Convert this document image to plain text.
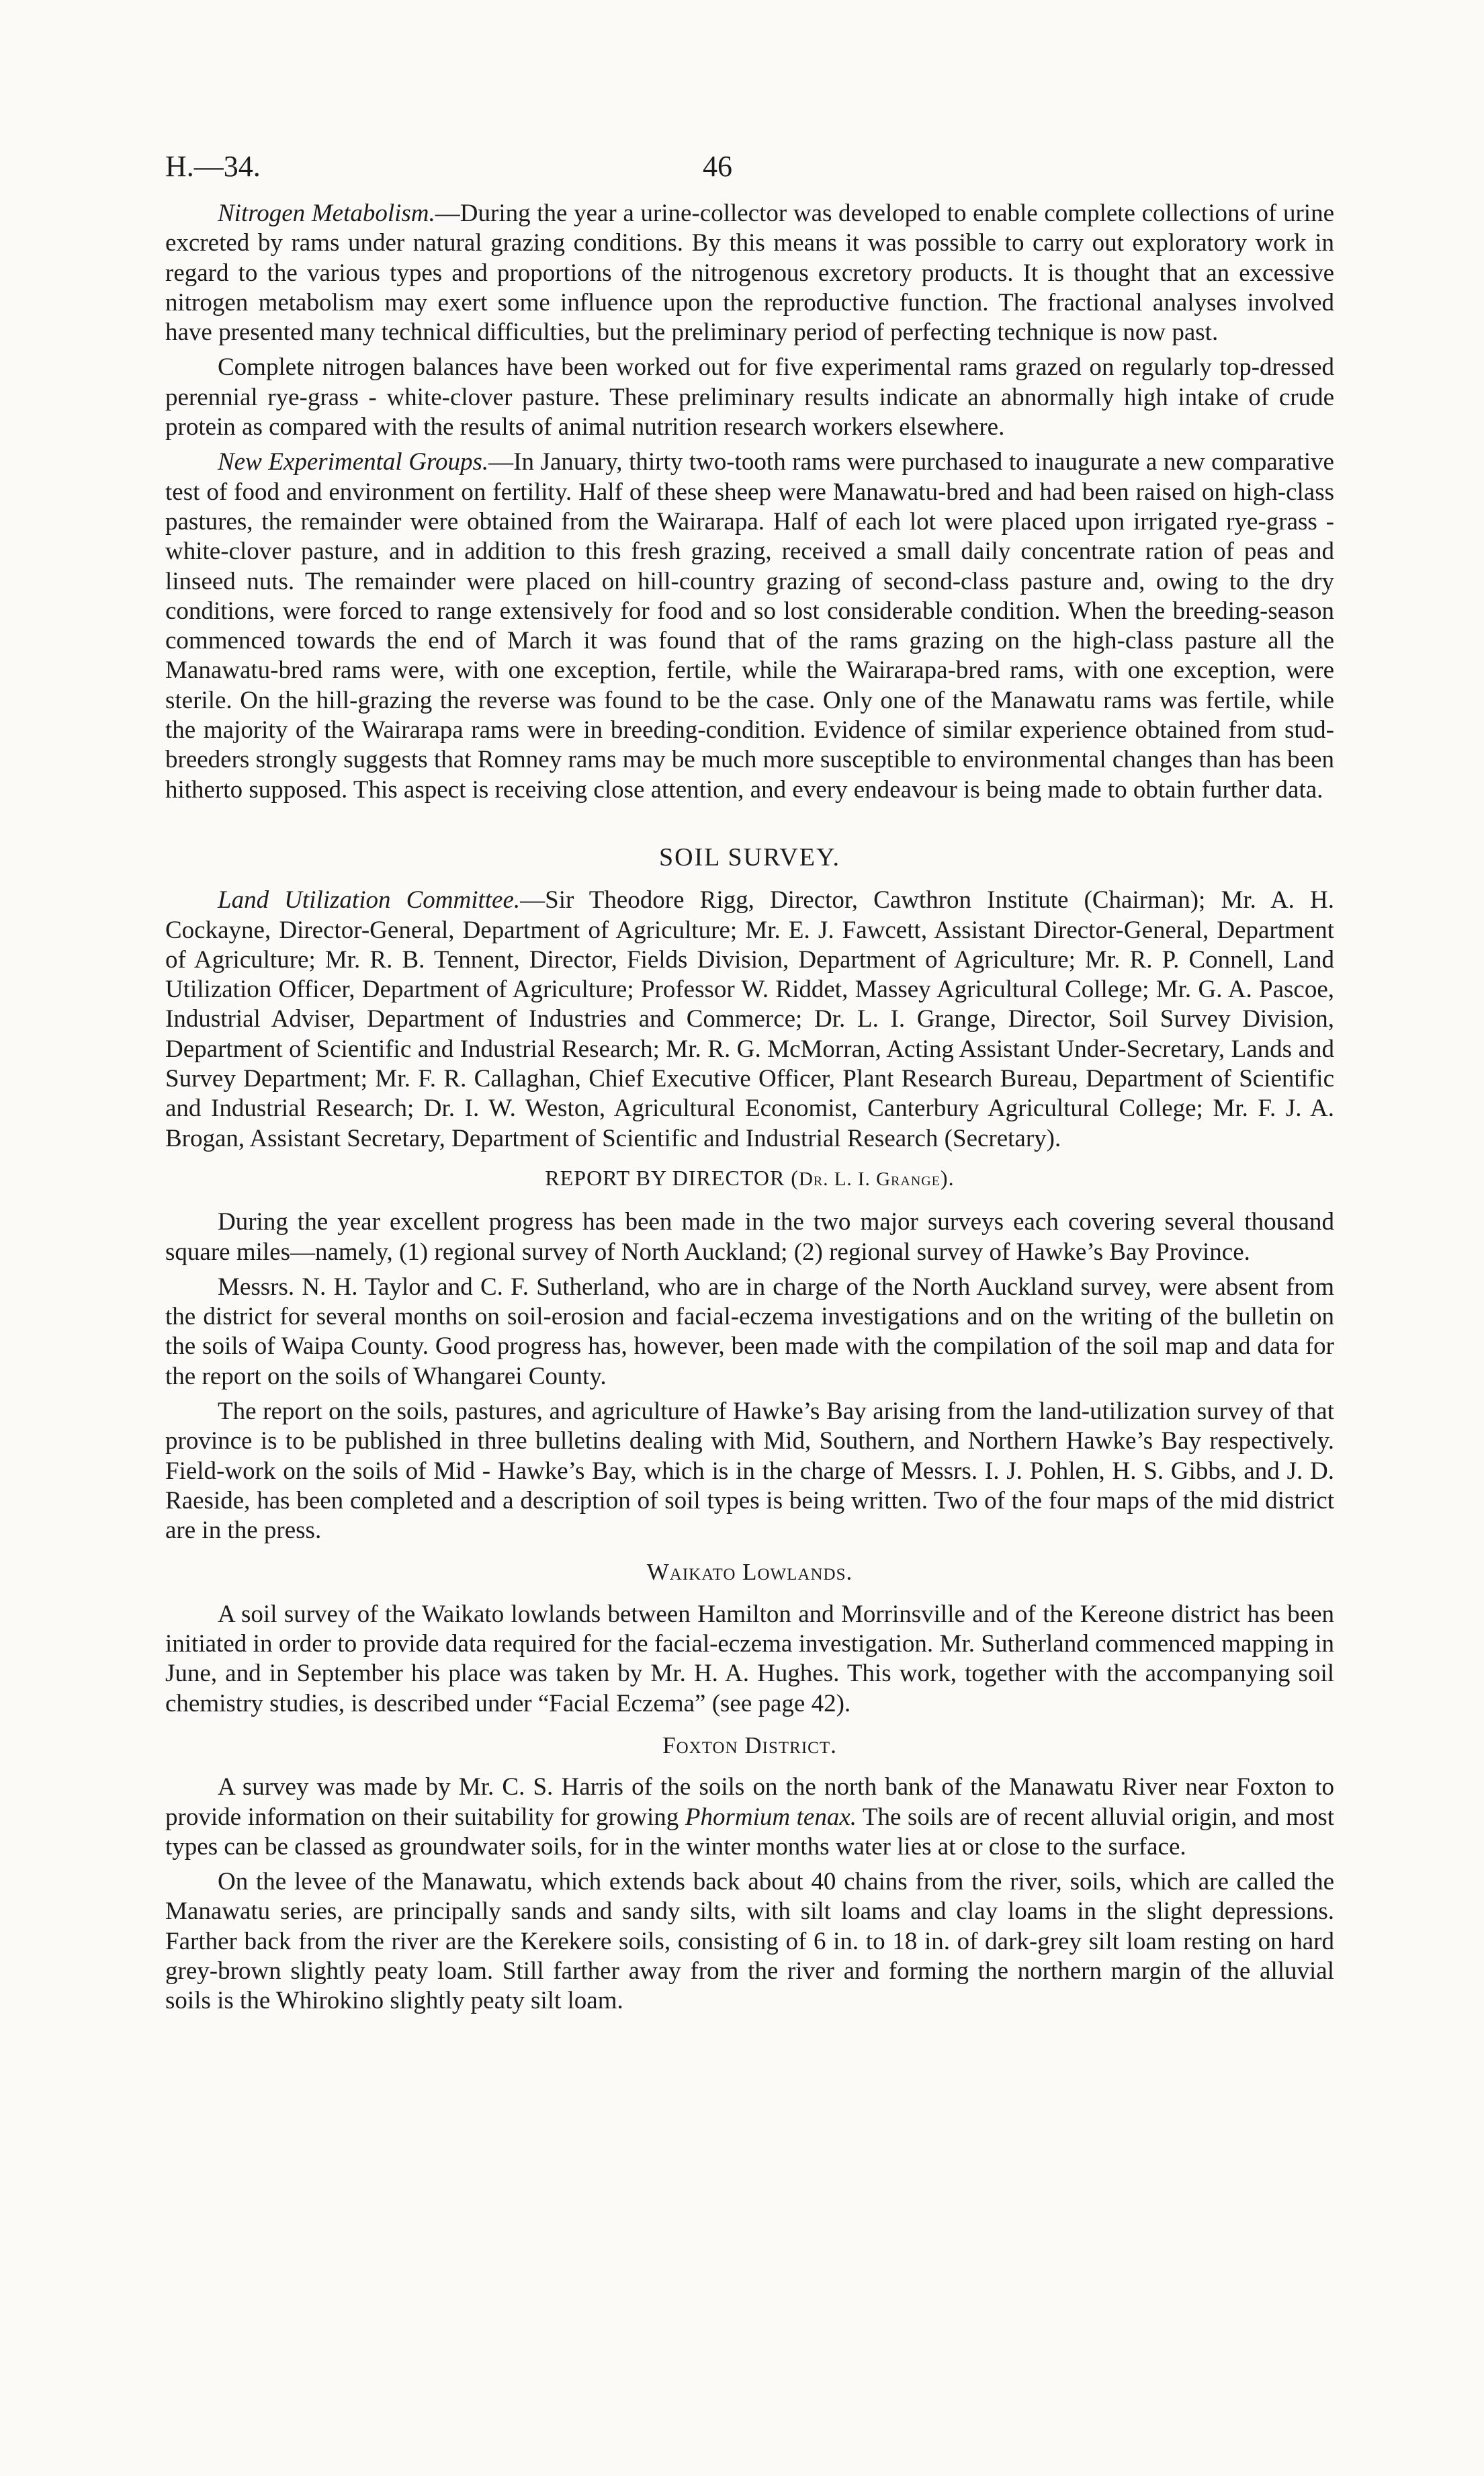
H.—34.	46

Nitrogen Metabolism.—During the year a urine-collector was developed to enable complete collections of urine excreted by rams under natural grazing conditions. By this means it was possible to carry out exploratory work in regard to the various types and proportions of the nitrogenous excretory products. It is thought that an excessive nitrogen metabolism may exert some influence upon the reproductive function. The fractional analyses involved have presented many technical difficulties, but the preliminary period of perfecting technique is now past.

Complete nitrogen balances have been worked out for five experimental rams grazed on regularly top-dressed perennial rye-grass - white-clover pasture. These preliminary results indicate an abnormally high intake of crude protein as compared with the results of animal nutrition research workers elsewhere.

New Experimental Groups.—In January, thirty two-tooth rams were purchased to inaugurate a new comparative test of food and environment on fertility. Half of these sheep were Manawatu-bred and had been raised on high-class pastures, the remainder were obtained from the Wairarapa. Half of each lot were placed upon irrigated rye-grass - white-clover pasture, and in addition to this fresh grazing, received a small daily concentrate ration of peas and linseed nuts. The remainder were placed on hill-country grazing of second-class pasture and, owing to the dry conditions, were forced to range extensively for food and so lost considerable condition. When the breeding-season commenced towards the end of March it was found that of the rams grazing on the high-class pasture all the Manawatu-bred rams were, with one exception, fertile, while the Wairarapa-bred rams, with one exception, were sterile. On the hill-grazing the reverse was found to be the case. Only one of the Manawatu rams was fertile, while the majority of the Wairarapa rams were in breeding-condition. Evidence of similar experience obtained from stud-breeders strongly suggests that Romney rams may be much more susceptible to environmental changes than has been hitherto supposed. This aspect is receiving close attention, and every endeavour is being made to obtain further data.

SOIL SURVEY.

Land Utilization Committee.—Sir Theodore Rigg, Director, Cawthron Institute (Chairman); Mr. A. H. Cockayne, Director-General, Department of Agriculture; Mr. E. J. Fawcett, Assistant Director-General, Department of Agriculture; Mr. R. B. Tennent, Director, Fields Division, Department of Agriculture; Mr. R. P. Connell, Land Utilization Officer, Department of Agriculture; Professor W. Riddet, Massey Agricultural College; Mr. G. A. Pascoe, Industrial Adviser, Department of Industries and Commerce; Dr. L. I. Grange, Director, Soil Survey Division, Department of Scientific and Industrial Research; Mr. R. G. McMorran, Acting Assistant Under-Secretary, Lands and Survey Department; Mr. F. R. Callaghan, Chief Executive Officer, Plant Research Bureau, Department of Scientific and Industrial Research; Dr. I. W. Weston, Agricultural Economist, Canterbury Agricultural College; Mr. F. J. A. Brogan, Assistant Secretary, Department of Scientific and Industrial Research (Secretary).

REPORT BY DIRECTOR (Dr. L. I. Grange).

During the year excellent progress has been made in the two major surveys each covering several thousand square miles—namely, (1) regional survey of North Auckland; (2) regional survey of Hawke’s Bay Province.

Messrs. N. H. Taylor and C. F. Sutherland, who are in charge of the North Auckland survey, were absent from the district for several months on soil-erosion and facial-eczema investigations and on the writing of the bulletin on the soils of Waipa County. Good progress has, however, been made with the compilation of the soil map and data for the report on the soils of Whangarei County.

The report on the soils, pastures, and agriculture of Hawke’s Bay arising from the land-utilization survey of that province is to be published in three bulletins dealing with Mid, Southern, and Northern Hawke’s Bay respectively. Field-work on the soils of Mid - Hawke’s Bay, which is in the charge of Messrs. I. J. Pohlen, H. S. Gibbs, and J. D. Raeside, has been completed and a description of soil types is being written. Two of the four maps of the mid district are in the press.

Waikato Lowlands.

A soil survey of the Waikato lowlands between Hamilton and Morrinsville and of the Kereone district has been initiated in order to provide data required for the facial-eczema investigation. Mr. Sutherland commenced mapping in June, and in September his place was taken by Mr. H. A. Hughes. This work, together with the accompanying soil chemistry studies, is described under “Facial Eczema” (see page 42).

Foxton District.

A survey was made by Mr. C. S. Harris of the soils on the north bank of the Manawatu River near Foxton to provide information on their suitability for growing Phormium tenax. The soils are of recent alluvial origin, and most types can be classed as groundwater soils, for in the winter months water lies at or close to the surface.

On the levee of the Manawatu, which extends back about 40 chains from the river, soils, which are called the Manawatu series, are principally sands and sandy silts, with silt loams and clay loams in the slight depressions. Farther back from the river are the Kerekere soils, consisting of 6 in. to 18 in. of dark-grey silt loam resting on hard grey-brown slightly peaty loam. Still farther away from the river and forming the northern margin of the alluvial soils is the Whirokino slightly peaty silt loam.
